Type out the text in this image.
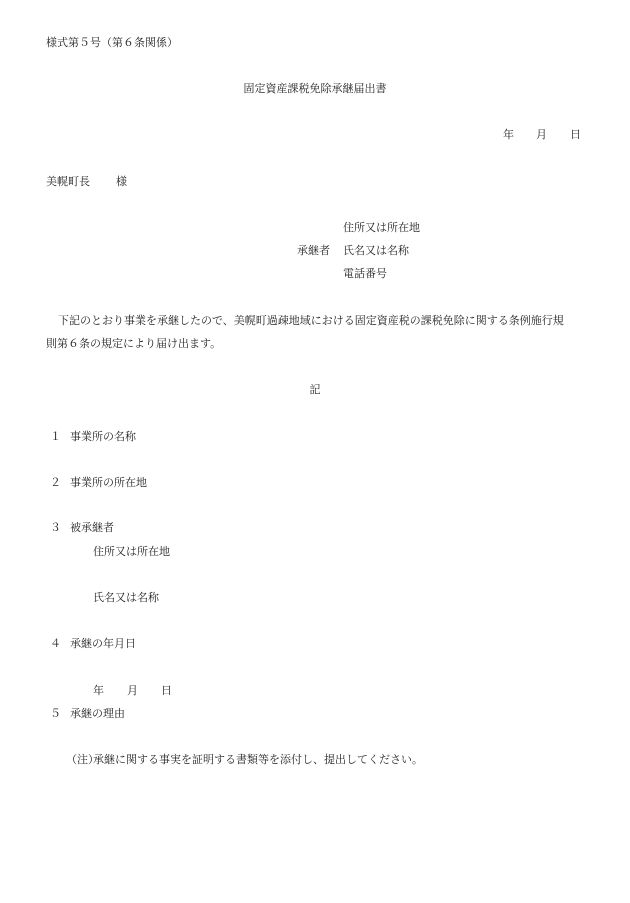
様式第５号（第６条関係）
固定資産課税免除承継届出書
年 月 日
美幌町長 様
住所又は所在地
承継者 氏名又は名称
電話番号
下記のとおり事業を承継したので、美幌町過疎地域における固定資産税の課税免除に関する条例施行規
則第６条の規定により届け出ます。
記
１ 事業所の名称
２ 事業所の所在地
３ 被承継者
住所又は所在地
氏名又は名称
４ 承継の年月日
年 月 日
５ 承継の理由
（注）
承継に関する事実を証明する書類等を添付し、提出してください。
